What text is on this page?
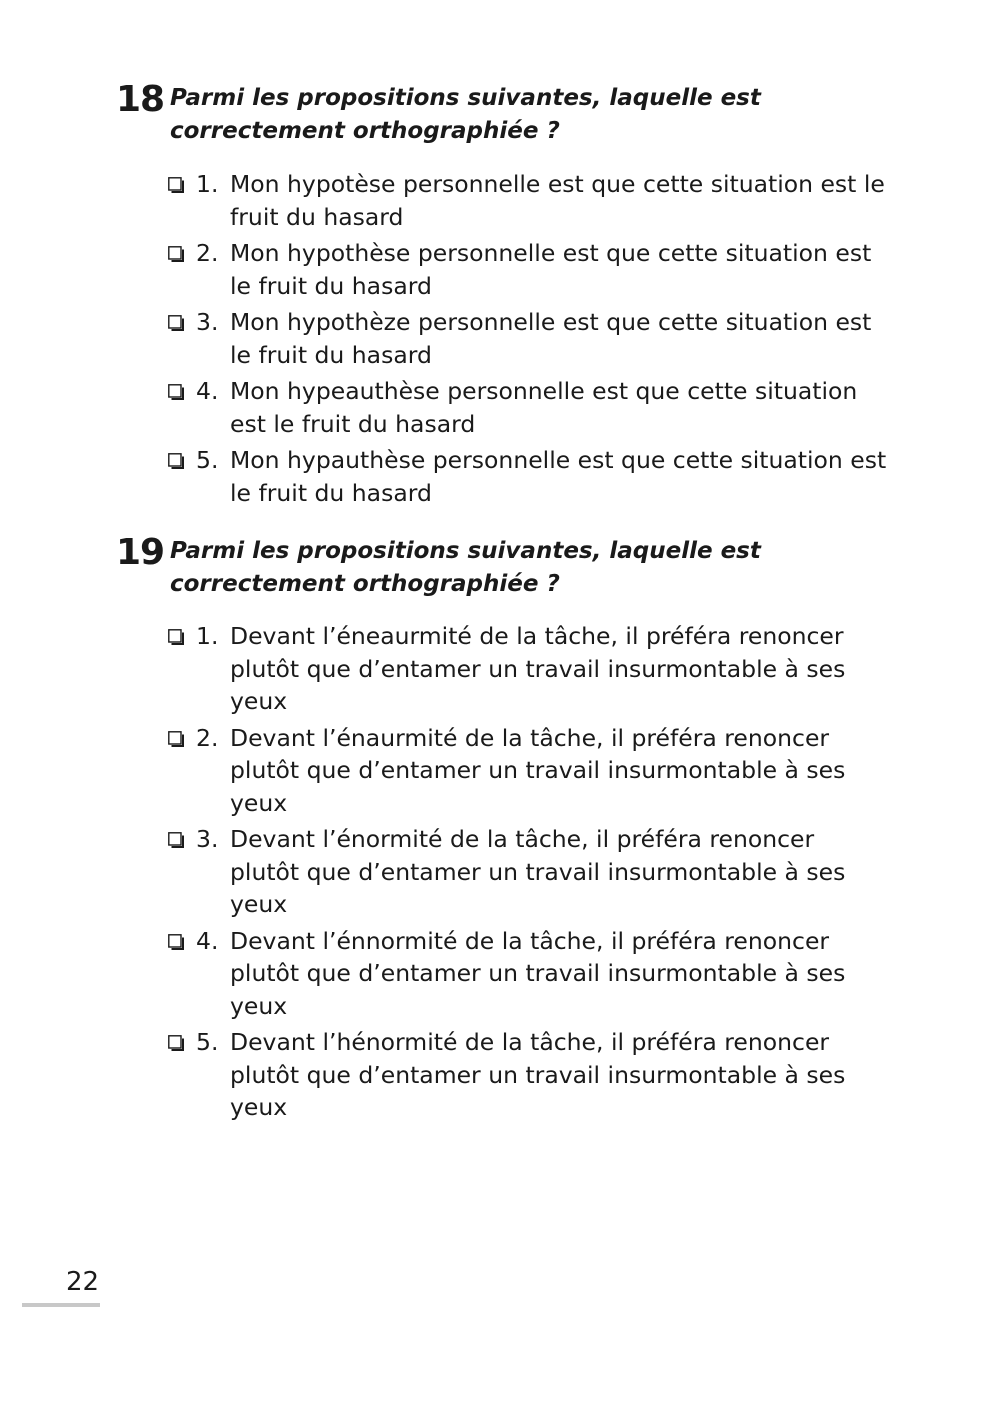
18 Parmi les propositions suivantes, laquelle est correctement orthographiée ?
1. Mon hypotèse personnelle est que cette situation est le fruit du hasard
2. Mon hypothèse personnelle est que cette situation est le fruit du hasard
3. Mon hypothèze personnelle est que cette situation est le fruit du hasard
4. Mon hypeauthèse personnelle est que cette situation est le fruit du hasard
5. Mon hypauthèse personnelle est que cette situation est le fruit du hasard
19 Parmi les propositions suivantes, laquelle est correctement orthographiée ?
1. Devant l’éneaurmité de la tâche, il préféra renoncer plutôt que d’entamer un travail insurmontable à ses yeux
2. Devant l’énaurmité de la tâche, il préféra renoncer plutôt que d’entamer un travail insurmontable à ses yeux
3. Devant l’énormité de la tâche, il préféra renoncer plutôt que d’entamer un travail insurmontable à ses yeux
4. Devant l’énnormité de la tâche, il préféra renoncer plutôt que d’entamer un travail insurmontable à ses yeux
5. Devant l’hénormité de la tâche, il préféra renoncer plutôt que d’entamer un travail insurmontable à ses yeux
22
